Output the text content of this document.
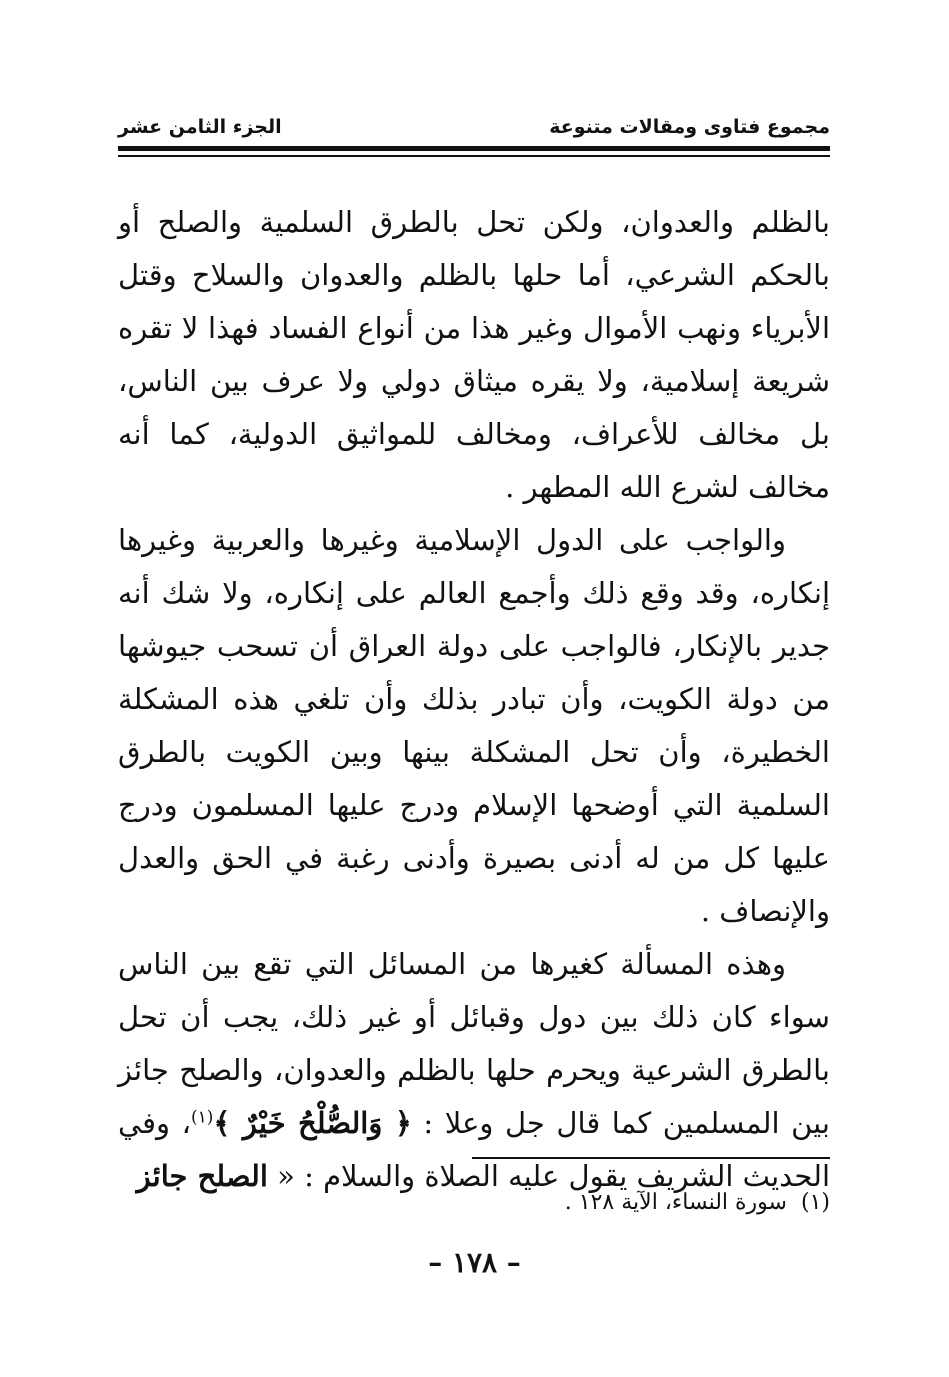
مجموع فتاوى ومقالات متنوعة
الجزء الثامن عشر

بالظلم والعدوان، ولكن تحل بالطرق السلمية والصلح أو بالحكم الشرعي، أما حلها بالظلم والعدوان والسلاح وقتل الأبرياء ونهب الأموال وغير هذا من أنواع الفساد فهذا لا تقره شريعة إسلامية، ولا يقره ميثاق دولي ولا عرف بين الناس، بل مخالف للأعراف، ومخالف للمواثيق الدولية، كما أنه مخالف لشرع الله المطهر .

والواجب على الدول الإسلامية وغيرها والعربية وغيرها إنكاره، وقد وقع ذلك وأجمع العالم على إنكاره، ولا شك أنه جدير بالإنكار، فالواجب على دولة العراق أن تسحب جيوشها من دولة الكويت، وأن تبادر بذلك وأن تلغي هذه المشكلة الخطيرة، وأن تحل المشكلة بينها وبين الكويت بالطرق السلمية التي أوضحها الإسلام ودرج عليها المسلمون ودرج عليها كل من له أدنى بصيرة وأدنى رغبة في الحق والعدل والإنصاف .

وهذه المسألة كغيرها من المسائل التي تقع بين الناس سواء كان ذلك بين دول وقبائل أو غير ذلك، يجب أن تحل بالطرق الشرعية ويحرم حلها بالظلم والعدوان، والصلح جائز بين المسلمين كما قال جل وعلا : ﴿ وَالصُّلْحُ خَيْرٌ ﴾$^{(١)}$، وفي الحديث الشريف يقول عليه الصلاة والسلام : « الصلح جائز

(١)سورة النساء، الآية ١٢٨ .
– ١٧٨ –
